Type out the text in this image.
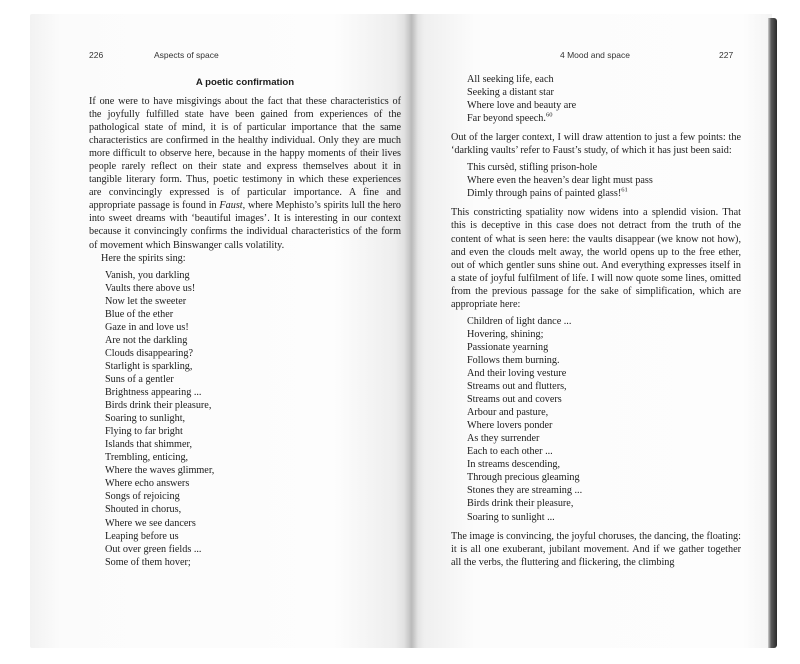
226	Aspects of space
A poetic confirmation

If one were to have misgivings about the fact that these characteristics of the joyfully fulfilled state have been gained from experiences of the pathological state of mind, it is of particular importance that the same characteristics are confirmed in the healthy individual. Only they are much more difficult to observe here, because in the happy moments of their lives people rarely reflect on their state and express themselves about it in tangible literary form. Thus, poetic testimony in which these experiences are convincingly expressed is of particular importance. A fine and appropriate passage is found in Faust, where Mephisto’s spirits lull the hero into sweet dreams with ‘beautiful images’. It is interesting in our context because it convincingly confirms the individual characteristics of the form of movement which Binswanger calls volatility.

Here the spirits sing:

Vanish, you darkling
Vaults there above us!
Now let the sweeter
Blue of the ether
Gaze in and love us!
Are not the darkling
Clouds disappearing?
Starlight is sparkling,
Suns of a gentler
Brightness appearing ...
Birds drink their pleasure,
Soaring to sunlight,
Flying to far bright
Islands that shimmer,
Trembling, enticing,
Where the waves glimmer,
Where echo answers
Songs of rejoicing
Shouted in chorus,
Where we see dancers
Leaping before us
Out over green fields ...
Some of them hover;
4 Mood and space	227
All seeking life, each
Seeking a distant star
Where love and beauty are
Far beyond speech.$^{60}$

Out of the larger context, I will draw attention to just a few points: the ‘darkling vaults’ refer to Faust’s study, of which it has just been said:

This cursèd, stifling prison-hole
Where even the heaven’s dear light must pass
Dimly through pains of painted glass!$^{61}$

This constricting spatiality now widens into a splendid vision. That this is deceptive in this case does not detract from the truth of the content of what is seen here: the vaults disappear (we know not how), and even the clouds melt away, the world opens up to the free ether, out of which gentler suns shine out. And everything expresses itself in a state of joyful fulfilment of life. I will now quote some lines, omitted from the previous passage for the sake of simplification, which are appropriate here:

Children of light dance ...
Hovering, shining;
Passionate yearning
Follows them burning.
And their loving vesture
Streams out and flutters,
Streams out and covers
Arbour and pasture,
Where lovers ponder
As they surrender
Each to each other ...
In streams descending,
Through precious gleaming
Stones they are streaming ...
Birds drink their pleasure,
Soaring to sunlight ...

The image is convincing, the joyful choruses, the dancing, the floating: it is all one exuberant, jubilant movement. And if we gather together all the verbs, the fluttering and flickering, the climbing
